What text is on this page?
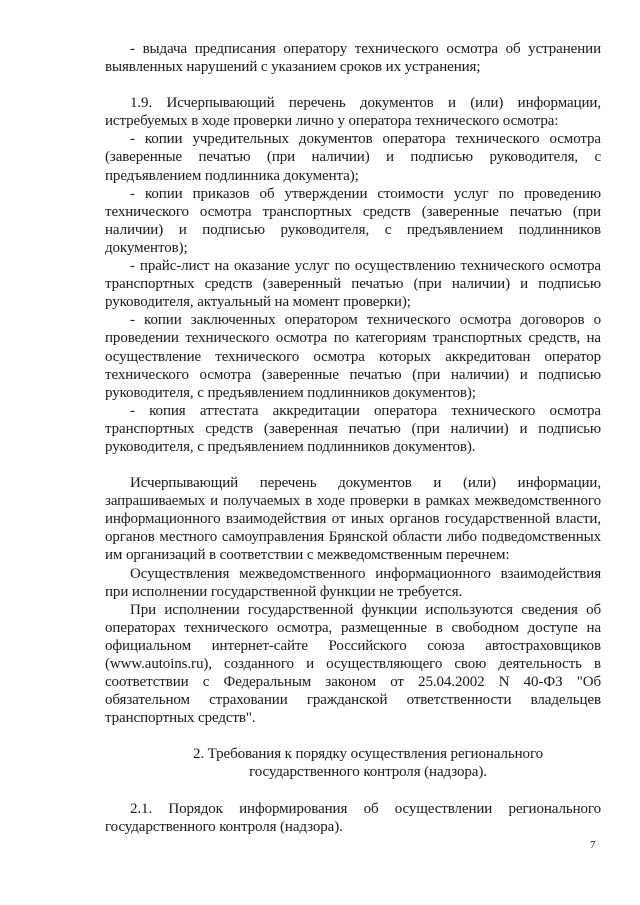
- выдача предписания оператору технического осмотра об устранении выявленных нарушений с указанием сроков их устранения;

1.9. Исчерпывающий перечень документов и (или) информации, истребуемых в ходе проверки лично у оператора технического осмотра:

- копии учредительных документов оператора технического осмотра (заверенные печатью (при наличии) и подписью руководителя, с предъявлением подлинника документа);

- копии приказов об утверждении стоимости услуг по проведению технического осмотра транспортных средств (заверенные печатью (при наличии) и подписью руководителя, с предъявлением подлинников документов);

- прайс-лист на оказание услуг по осуществлению технического осмотра транспортных средств (заверенный печатью (при наличии) и подписью руководителя, актуальный на момент проверки);

- копии заключенных оператором технического осмотра договоров о проведении технического осмотра по категориям транспортных средств, на осуществление технического осмотра которых аккредитован оператор технического осмотра (заверенные печатью (при наличии) и подписью руководителя, с предъявлением подлинников документов);

- копия аттестата аккредитации оператора технического осмотра транспортных средств (заверенная печатью (при наличии) и подписью руководителя, с предъявлением подлинников документов).

Исчерпывающий перечень документов и (или) информации, запрашиваемых и получаемых в ходе проверки в рамках межведомственного информационного взаимодействия от иных органов государственной власти, органов местного самоуправления Брянской области либо подведомственных им организаций в соответствии с межведомственным перечнем:

Осуществления межведомственного информационного взаимодействия при исполнении государственной функции не требуется.

При исполнении государственной функции используются сведения об операторах технического осмотра, размещенные в свободном доступе на официальном интернет-сайте Российского союза автостраховщиков (www.autoins.ru), созданного и осуществляющего свою деятельность в соответствии с Федеральным законом от 25.04.2002 N 40-ФЗ "Об обязательном страховании гражданской ответственности владельцев транспортных средств".

2. Требования к порядку осуществления регионального

государственного контроля (надзора).

2.1. Порядок информирования об осуществлении регионального государственного контроля (надзора).

7
